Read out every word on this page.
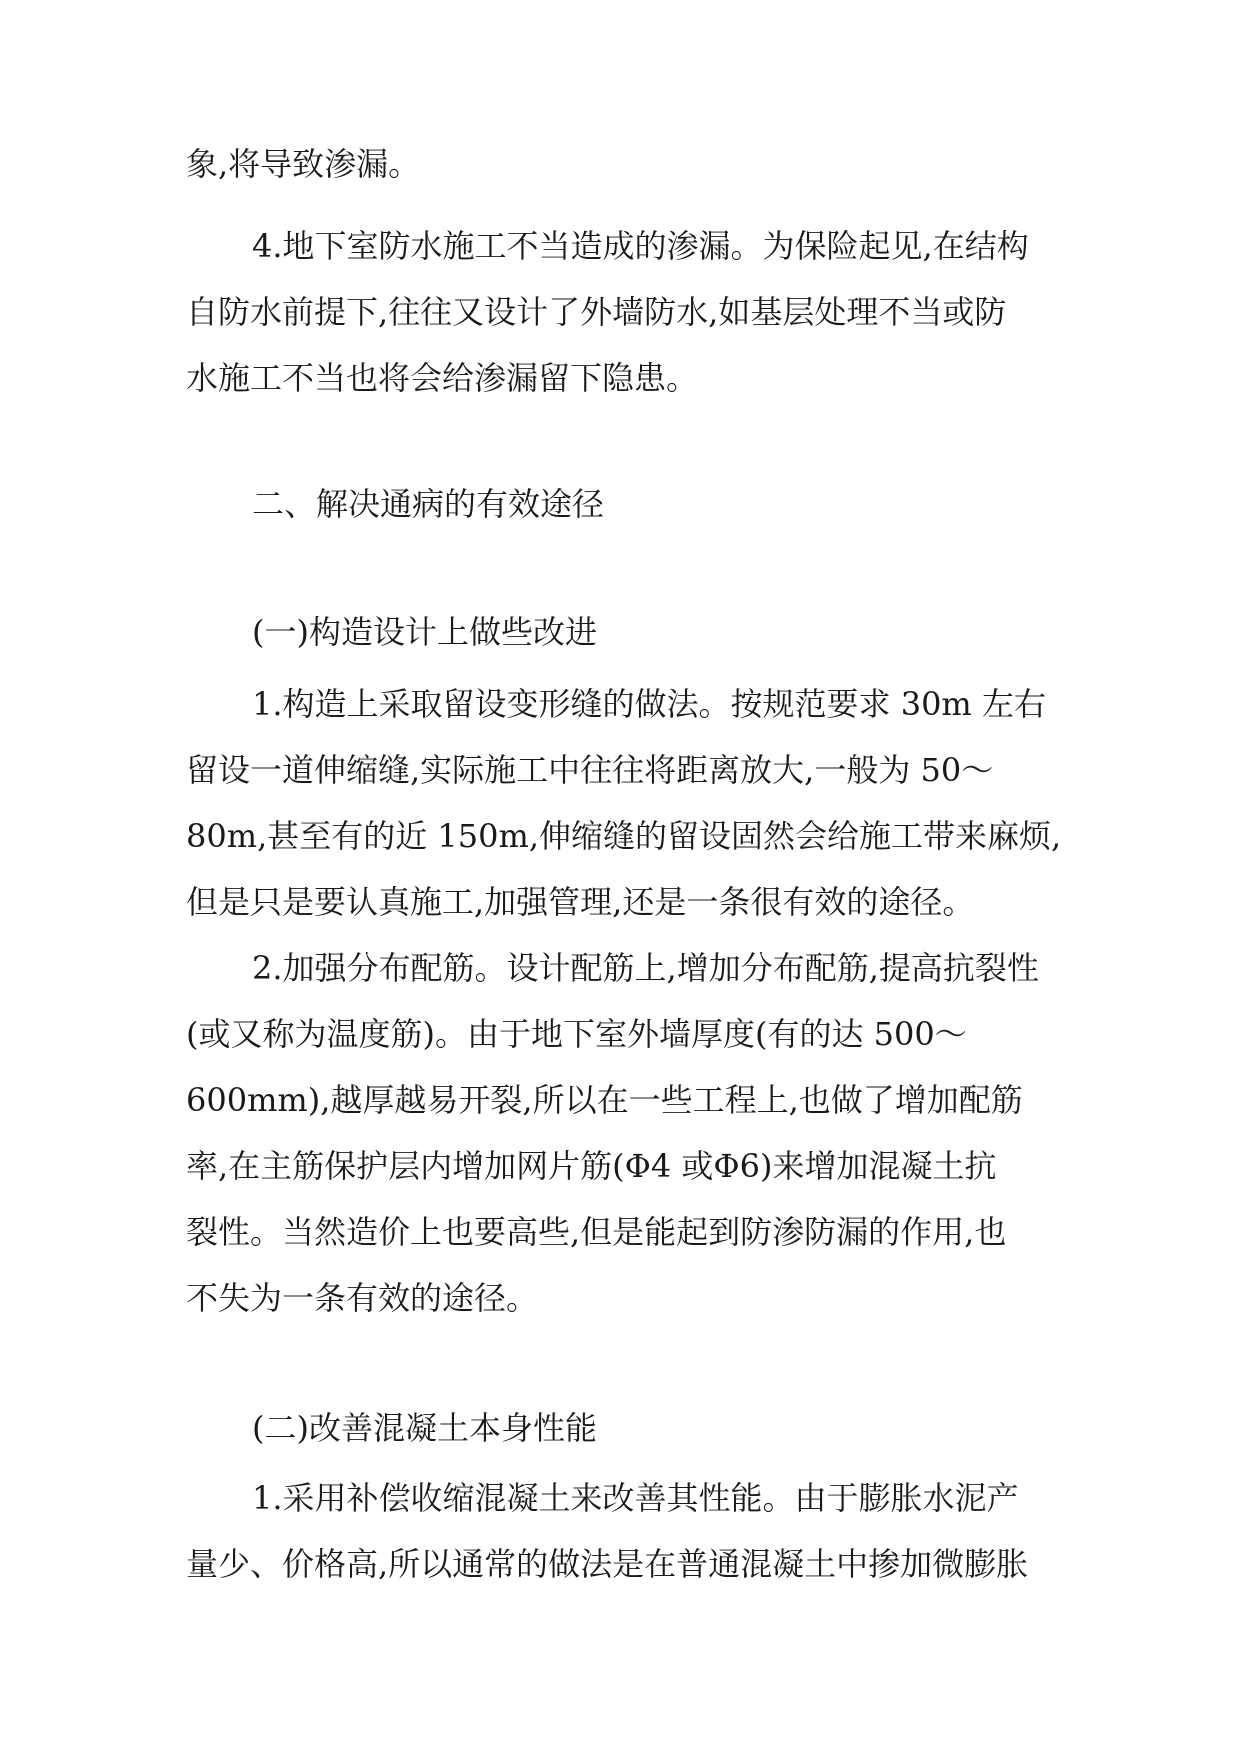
象,将导致渗漏。
4.地下室防水施工不当造成的渗漏。为保险起见,在结构
自防水前提下,往往又设计了外墙防水,如基层处理不当或防
水施工不当也将会给渗漏留下隐患。
二、解决通病的有效途径
(一)构造设计上做些改进
1.构造上采取留设变形缝的做法。按规范要求 30m 左右
留设一道伸缩缝,实际施工中往往将距离放大,一般为 50～
80m,甚至有的近 150m,伸缩缝的留设固然会给施工带来麻烦,
但是只是要认真施工,加强管理,还是一条很有效的途径。
2.加强分布配筋。设计配筋上,增加分布配筋,提高抗裂性
(或又称为温度筋)。由于地下室外墙厚度(有的达 500～
600mm),越厚越易开裂,所以在一些工程上,也做了增加配筋
率,在主筋保护层内增加网片筋(Φ4 或Φ6)来增加混凝土抗
裂性。当然造价上也要高些,但是能起到防渗防漏的作用,也
不失为一条有效的途径。
(二)改善混凝土本身性能
1.采用补偿收缩混凝土来改善其性能。由于膨胀水泥产
量少、价格高,所以通常的做法是在普通混凝土中掺加微膨胀
